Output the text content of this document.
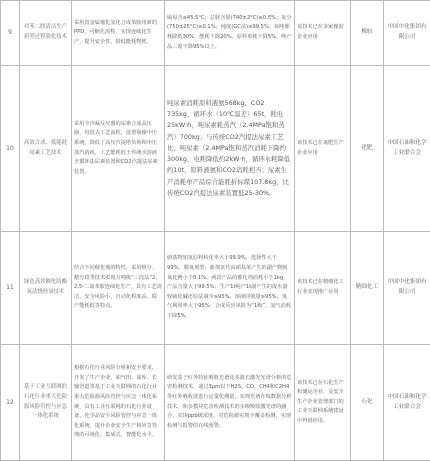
9	对苯二胺清洁生产新型过程强化技术	采用贵金属催化氢化合成苯胺用新的PPD，可缩化流程，实现连续化生产，提升安全性，降低能耗物耗。	硫易含≤45.5°C；总胺含量(740±2°C)≤0.5%；灰分(750±25°C)≤0.1%；纯度(GC法)≥99.5%；每吨催耗降低30%，能耗下降20%，原料单耗下降5%，吨产品三废下降95%以上。	该技术已在多家橡胶企业应用	橡胶	中国中化集团有限公司
10	高效合成、低能耗尿素工艺技术	采用全冷凝反应器的尿素合成高压圈，用段式工艺流程，设置简操中压系统，降低了高压汽提塔负荷和中压蒸汽消耗。工艺能耗低于传统水溶液全循环法尿素装置和CO2汽提法尿素装置。	吨尿素消耗原料液氨568kg，CO2 735kg，循环水（10℃温差）65t，耗电25kW·h，吨尿素耗蒸汽（2.4MPa饱和蒸汽）700kg；与传统CO2汽提法尿素工艺比，吨尿素（2.4MPa饱和蒸汽消耗下降约300kg，电耗降低约2kW·h，循环水耗降低约10t，原料液氨和CO2消耗相当；尿素生产消耗单产品综合能耗折标煤107.8kg，比传统CO2汽提法尿素装置低25-30%。	该技术已在氮肥生产企业应用	化肥	中国石油和化学工业联合会
11	绿色高效催化防酯氧法烧烃氢技术	结合不同催化剂的特性，采用组分、精分段等技术实现万吨级“三段法”2，2,5-二氯苯胺连续化生产，具有工艺清洁，安全风险小，自动化程度高，联产能耗低等特点。	硝基物加氢原料转化率大于99.9%，选择性大于99%，脱氧剂型；新加氢代由硝基苯产生的副产物脱氧比例小于0.1%，两段产品的催化剂消耗小于1kg，产品含量大于99.5%；生产1t纯产1t副产生的废水量较硫化碱还原法减少≥95%，溶液回收量≥95%，氢气利用率大于95%；合成反应风险为“1级”，氢气消耗下降5%。	该技术已在精细化工行业实现推广应用	精细化工	中国中化集团有限公司
12	基于工业互联网的石化行业重大危险源风险管控与应急一体化系统	根据石化行业风险分析和安全要求，开发了生产企业、油气田、油库、长输管道等基于工业互联网的石化行业重大危险源风险管控与应急一体化系统，具有工业互联网的石化行业设备、化学品安全风险管控与应急一体化系统。提升企业安全生产和应急管理的可视化、集成式、智能化水平。	研发基于红外特征吸收光谱及多波长激光光谱分析的危害检测技术，通过3μm以下H2S、CO、CH4和C2H4等红外吸收波进行定量化测量，实现光谱在线数据分析技术，和多模块危害检测技术的多级吸收激光谱的融合，实现ppb级浓度，对危险源实现全覆盖检测，实现检测与报警的在线预警。	该技术已在石化生产和储运企业，及安全生产企业管理部门的工业互联网系统建设中得到应用。	石化	中国石油和化学工业联合会
